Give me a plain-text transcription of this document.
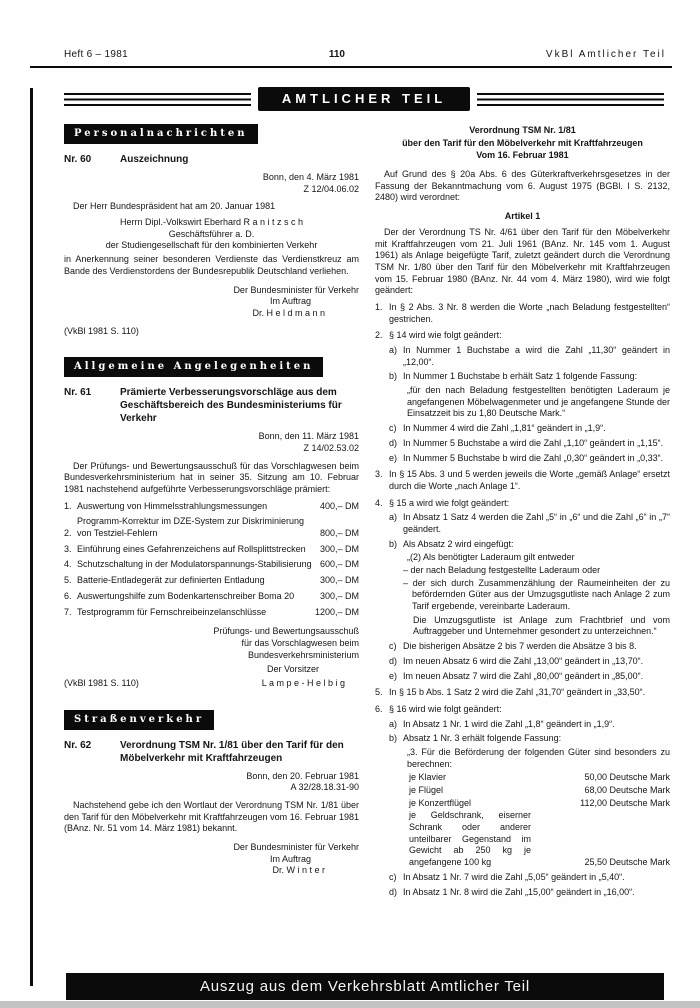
Heft 6 – 1981	110	VkBl Amtlicher Teil
AMTLICHER TEIL
Personalnachrichten
Nr. 60	Auszeichnung
Bonn, den 4. März 1981
Z 12/04.06.02
Der Herr Bundespräsident hat am 20. Januar 1981
Herrn Dipl.-Volkswirt Eberhard R a n i t z s c h
Geschäftsführer a. D.
der Studiengesellschaft für den kombinierten Verkehr
in Anerkennung seiner besonderen Verdienste das Verdienstkreuz am Bande des Verdienstordens der Bundesrepublik Deutschland verliehen.
Der Bundesminister für Verkehr
Im Auftrag
Dr. H e l d m a n n
(VkBl 1981 S. 110)
Allgemeine Angelegenheiten
Nr. 61	Prämierte Verbesserungsvorschläge aus dem Geschäftsbereich des Bundesministeriums für Verkehr
Bonn, den 11. März 1981
Z 14/02.53.02
Der Prüfungs- und Bewertungsausschuß für das Vorschlagwesen beim Bundesverkehrsministerium hat in seiner 35. Sitzung am 10. Februar 1981 nachstehend aufgeführte Verbesserungsvorschläge prämiert:
1. Auswertung von Himmelsstrahlungsmessungen	400,– DM
2.
Programm-Korrektur im DZE-System zur Diskriminierung von Testziel-Fehlern	800,– DM
3. Einführung eines Gefahrenzeichens auf Rollsplittstrecken	300,– DM
4. Schutzschaltung in der Modulatorspannungs-Stabilisierung 600,– DM
5. Batterie-Entladegerät zur definierten Entladung	300,– DM
6. Auswertungshilfe zum Bodenkartenschreiber Boma 20	300,– DM
7. Testprogramm für Fernschreibeinzelanschlüsse	1200,– DM
(VkBl 1981 S. 110)
Prüfungs- und Bewertungsausschuß
für das Vorschlagwesen beim
Bundesverkehrsministerium
Der Vorsitzer
L a m p e - H e l b i g
Straßenverkehr
Nr. 62	Verordnung TSM Nr. 1/81 über den Tarif für den Möbelverkehr mit Kraftfahrzeugen
Bonn, den 20. Februar 1981
A 32/28.18.31-90
Nachstehend gebe ich den Wortlaut der Verordnung TSM Nr. 1/81 über den Tarif für den Möbelverkehr mit Kraftfahrzeugen vom 16. Februar 1981 (BAnz. Nr. 51 vom 14. März 1981) bekannt.
Der Bundesminister für Verkehr
Im Auftrag
Dr. W i n t e r
Verordnung TSM Nr. 1/81
über den Tarif für den Möbelverkehr mit Kraftfahrzeugen
Vom 16. Februar 1981
Auf Grund des § 20a Abs. 6 des Güterkraftverkehrsgesetzes in der Fassung der Bekanntmachung vom 6. August 1975 (BGBl. I S. 2132, 2480) wird verordnet:
Artikel 1
Der der Verordnung TS Nr. 4/61 über den Tarif für den Möbelverkehr mit Kraftfahrzeugen vom 21. Juli 1961 (BAnz. Nr. 145 vom 1. August 1961) als Anlage beigefügte Tarif, zuletzt geändert durch die Verordnung TSM Nr. 1/80 über den Tarif für den Möbelverkehr mit Kraftfahrzeugen vom 15. Februar 1980 (BAnz. Nr. 44 vom 4. März 1980), wird wie folgt geändert:
1. In § 2 Abs. 3 Nr. 8 werden die Worte „nach Beladung festgestellten“ gestrichen.
2. § 14 wird wie folgt geändert:
a) In Nummer 1 Buchstabe a wird die Zahl „11,30“ geändert in „12,00“.
b) In Nummer 1 Buchstabe b erhält Satz 1 folgende Fassung:
„für den nach Beladung festgestellten benötigten Laderaum je angefangenen Möbelwagenmeter und je angefangene Stunde der Einsatzzeit bis zu 1,80 Deutsche Mark.“
c) In Nummer 4 wird die Zahl „1,81“ geändert in „1,9“.
d) In Nummer 5 Buchstabe a wird die Zahl „1,10“ geändert in „1,15“.
e) In Nummer 5 Buchstabe b wird die Zahl „0,30“ geändert in „0,33“.
3. In § 15 Abs. 3 und 5 werden jeweils die Worte „gemäß Anlage“ ersetzt durch die Worte „nach Anlage 1“.
4. § 15 a wird wie folgt geändert:
a) In Absatz 1 Satz 4 werden die Zahl „5“ in „6“ und die Zahl „6“ in „7“ geändert.
b) Als Absatz 2 wird eingefügt:
„(2) Als benötigter Laderaum gilt entweder
– der nach Beladung festgestellte Laderaum oder
– der sich durch Zusammenzählung der Raumeinheiten der zu befördernden Güter aus der Umzugsgutliste nach Anlage 2 zum Tarif ergebende, vereinbarte Laderaum.
Die Umzugsgutliste ist Anlage zum Frachtbrief und vom Auftraggeber und Unternehmer gesondert zu unterzeichnen.“
c) Die bisherigen Absätze 2 bis 7 werden die Absätze 3 bis 8.
d) Im neuen Absatz 6 wird die Zahl „13,00“ geändert in „13,70“.
e) Im neuen Absatz 7 wird die Zahl „80,00“ geändert in „85,00“.
5. In § 15 b Abs. 1 Satz 2 wird die Zahl „31,70“ geändert in „33,50“.
6. § 16 wird wie folgt geändert:
a) In Absatz 1 Nr. 1 wird die Zahl „1,8“ geändert in „1,9“.
b) Absatz 1 Nr. 3 erhält folgende Fassung:
„3. Für die Beförderung der folgenden Güter sind besonders zu berechnen:
je Klavier	50,00 Deutsche Mark
je Flügel	68,00 Deutsche Mark
je Konzertflügel	112,00 Deutsche Mark
je Geldschrank, eiserner Schrank oder anderer unteilbarer Gegenstand im Gewicht ab 250 kg je angefangene 100 kg	25,50 Deutsche Mark
c) In Absatz 1 Nr. 7 wird die Zahl „5,05“ geändert in „5,40“.
d) In Absatz 1 Nr. 8 wird die Zahl „15,00“ geändert in „16,00“.
Auszug aus dem Verkehrsblatt Amtlicher Teil
